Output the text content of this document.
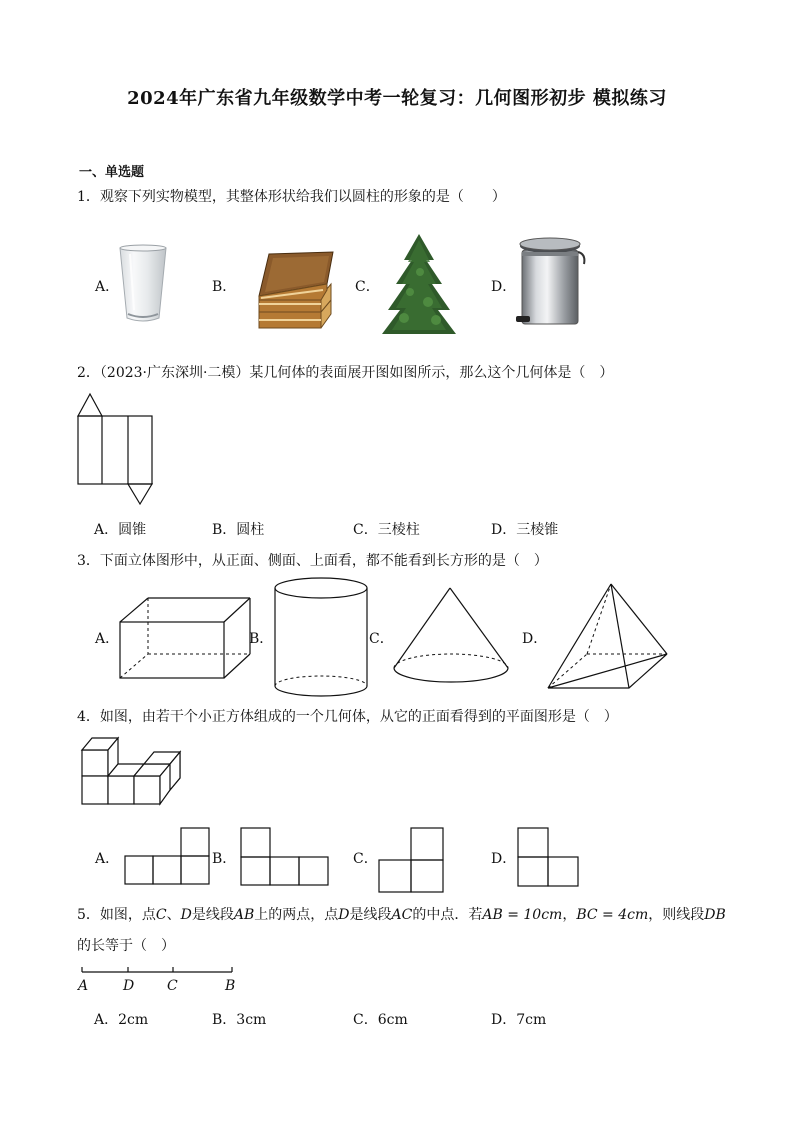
2024年广东省九年级数学中考一轮复习：几何图形初步 模拟练习
一、单选题
1．观察下列实物模型，其整体形状给我们以圆柱的形象的是（　　）
A．	B．	C．	D．
2．（2023·广东深圳·二模）某几何体的表面展开图如图所示，那么这个几何体是（　）
A．圆锥	B．圆柱	C．三棱柱	D．三棱锥
3．下面立体图形中，从正面、侧面、上面看，都不能看到长方形的是（　）
A．	B．	C．	D．
4．如图，由若干个小正方体组成的一个几何体，从它的正面看得到的平面图形是（　）
A．	B．	C．	D．
5．如图，点C、D是线段AB上的两点，点D是线段AC的中点．若AB = 10cm，BC = 4cm，则线段DB
的长等于（　）
A D C	B
A．2cm	B．3cm	C．6cm	D．7cm
